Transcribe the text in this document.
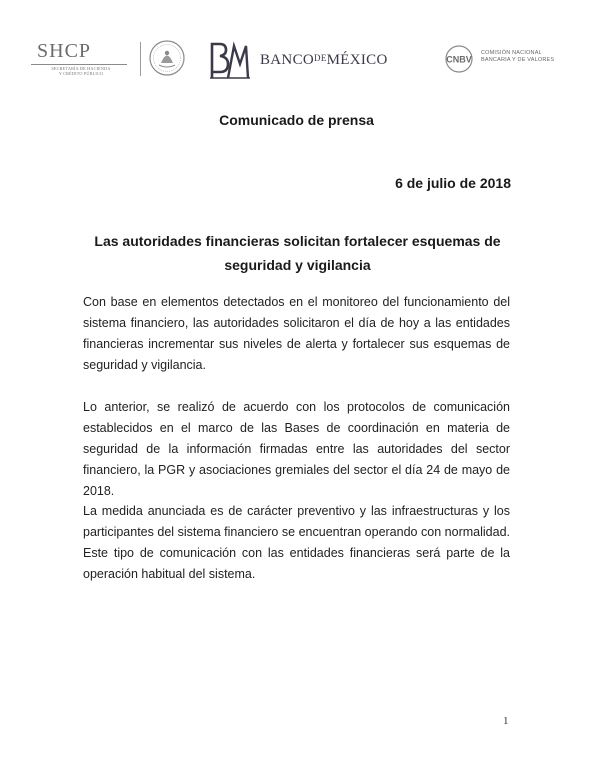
SHCP
SECRETARÍA DE HACIENDA
Y CRÉDITO PÚBLICO
$BANCO^{DE}MÉXICO$	CNBV
COMISIÓN NACIONAL
BANCARIA Y DE VALORES
Comunicado de prensa
6 de julio de 2018
Las autoridades financieras solicitan fortalecer esquemas de seguridad y vigilancia

Con base en elementos detectados en el monitoreo del funcionamiento del sistema financiero, las autoridades solicitaron el día de hoy a las entidades financieras incrementar sus niveles de alerta y fortalecer sus esquemas de seguridad y vigilancia.

Lo anterior, se realizó de acuerdo con los protocolos de comunicación establecidos en el marco de las Bases de coordinación en materia de seguridad de la información firmadas entre las autoridades del sector financiero, la PGR y asociaciones gremiales del sector el día 24 de mayo de 2018.

La medida anunciada es de carácter preventivo y las infraestructuras y los participantes del sistema financiero se encuentran operando con normalidad. Este tipo de comunicación con las entidades financieras será parte de la operación habitual del sistema.

1
